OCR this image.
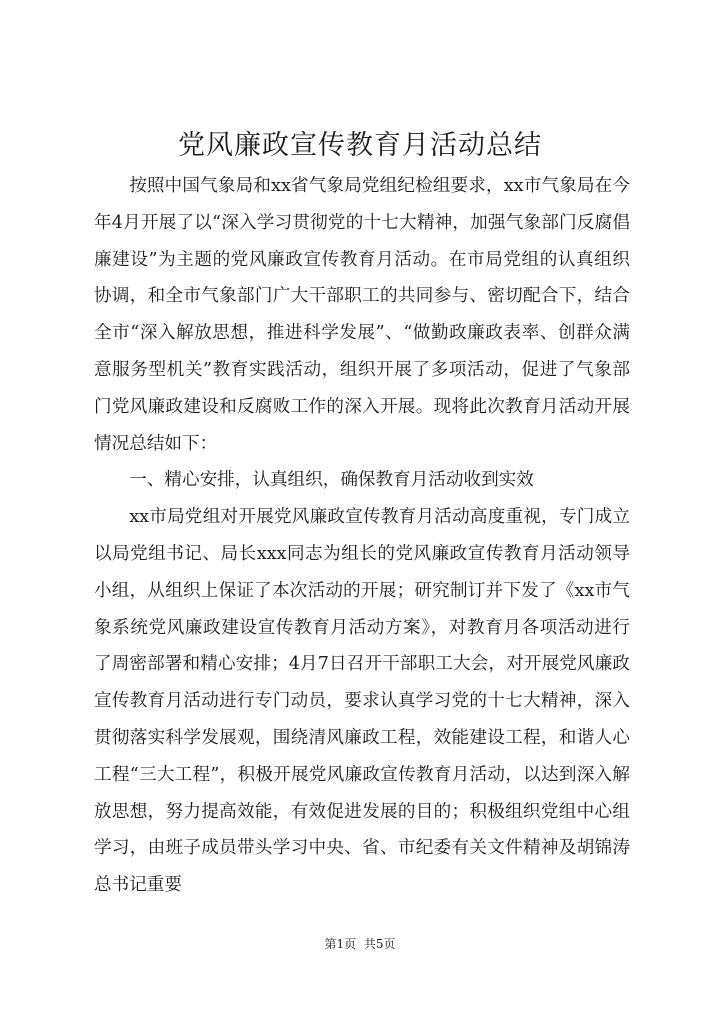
党风廉政宣传教育月活动总结

按照中国气象局和xx省气象局党组纪检组要求，xx市气象局在今年4月开展了以“深入学习贯彻党的十七大精神，加强气象部门反腐倡廉建设”为主题的党风廉政宣传教育月活动。在市局党组的认真组织协调，和全市气象部门广大干部职工的共同参与、密切配合下，结合全市“深入解放思想，推进科学发展”、“做勤政廉政表率、创群众满意服务型机关”教育实践活动，组织开展了多项活动，促进了气象部门党风廉政建设和反腐败工作的深入开展。现将此次教育月活动开展情况总结如下：

一、精心安排，认真组织，确保教育月活动收到实效

xx市局党组对开展党风廉政宣传教育月活动高度重视，专门成立以局党组书记、局长xxx同志为组长的党风廉政宣传教育月活动领导小组，从组织上保证了本次活动的开展；研究制订并下发了《xx市气象系统党风廉政建设宣传教育月活动方案》，对教育月各项活动进行了周密部署和精心安排；4月7日召开干部职工大会，对开展党风廉政宣传教育月活动进行专门动员，要求认真学习党的十七大精神，深入贯彻落实科学发展观，围绕清风廉政工程，效能建设工程，和谐人心工程“三大工程”，积极开展党风廉政宣传教育月活动，以达到深入解放思想，努力提高效能，有效促进发展的目的；积极组织党组中心组学习，由班子成员带头学习中央、省、市纪委有关文件精神及胡锦涛总书记重要

第1页 共5页
